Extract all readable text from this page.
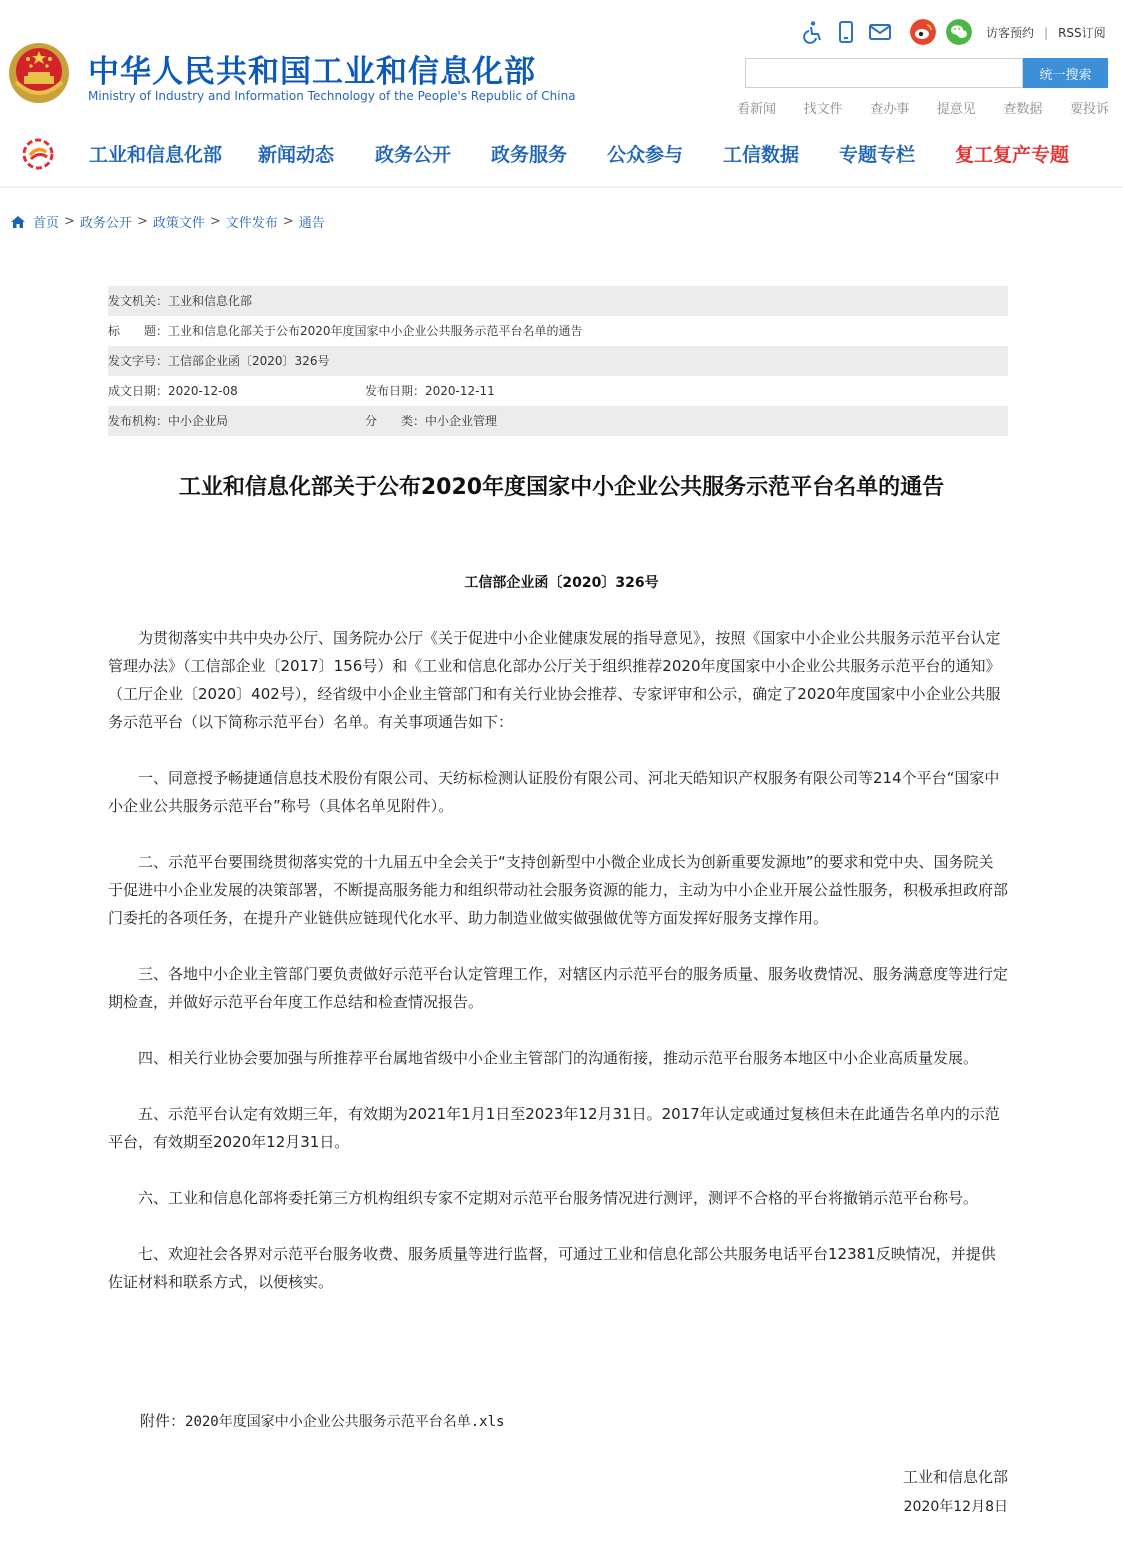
中华人民共和国工业和信息化部
Ministry of Industry and Information Technology of the People's Republic of China
访客预约 | RSS订阅
统一搜索
看新闻 找文件 查办事 提意见 查数据 要投诉
工业和信息化部 新闻动态 政务公开 政务服务 公众参与 工信数据 专题专栏 复工复产专题
首页 > 政务公开 > 政策文件 > 文件发布 > 通告
发文机关：工业和信息化部
标　　题：工业和信息化部关于公布2020年度国家中小企业公共服务示范平台名单的通告
发文字号：工信部企业函〔2020〕326号
成文日期：2020-12-08	发布日期：2020-12-11
发布机构：中小企业局	分　　类：中小企业管理
工业和信息化部关于公布2020年度国家中小企业公共服务示范平台名单的通告
工信部企业函〔2020〕326号

为贯彻落实中共中央办公厅、国务院办公厅《关于促进中小企业健康发展的指导意见》，按照《国家中小企业公共服务示范平台认定管理办法》（工信部企业〔2017〕156号）和《工业和信息化部办公厅关于组织推荐2020年度国家中小企业公共服务示范平台的通知》（工厅企业〔2020〕402号），经省级中小企业主管部门和有关行业协会推荐、专家评审和公示，确定了2020年度国家中小企业公共服务示范平台（以下简称示范平台）名单。有关事项通告如下：

一、同意授予畅捷通信息技术股份有限公司、天纺标检测认证股份有限公司、河北天皓知识产权服务有限公司等214个平台“国家中小企业公共服务示范平台”称号（具体名单见附件）。

二、示范平台要围绕贯彻落实党的十九届五中全会关于“支持创新型中小微企业成长为创新重要发源地”的要求和党中央、国务院关于促进中小企业发展的决策部署，不断提高服务能力和组织带动社会服务资源的能力，主动为中小企业开展公益性服务，积极承担政府部门委托的各项任务，在提升产业链供应链现代化水平、助力制造业做实做强做优等方面发挥好服务支撑作用。

三、各地中小企业主管部门要负责做好示范平台认定管理工作，对辖区内示范平台的服务质量、服务收费情况、服务满意度等进行定期检查，并做好示范平台年度工作总结和检查情况报告。

四、相关行业协会要加强与所推荐平台属地省级中小企业主管部门的沟通衔接，推动示范平台服务本地区中小企业高质量发展。

五、示范平台认定有效期三年，有效期为2021年1月1日至2023年12月31日。2017年认定或通过复核但未在此通告名单内的示范平台，有效期至2020年12月31日。

六、工业和信息化部将委托第三方机构组织专家不定期对示范平台服务情况进行测评，测评不合格的平台将撤销示范平台称号。

七、欢迎社会各界对示范平台服务收费、服务质量等进行监督，可通过工业和信息化部公共服务电话平台12381反映情况，并提供佐证材料和联系方式，以便核实。

附件：2020年度国家中小企业公共服务示范平台名单.xls
工业和信息化部
2020年12月8日
